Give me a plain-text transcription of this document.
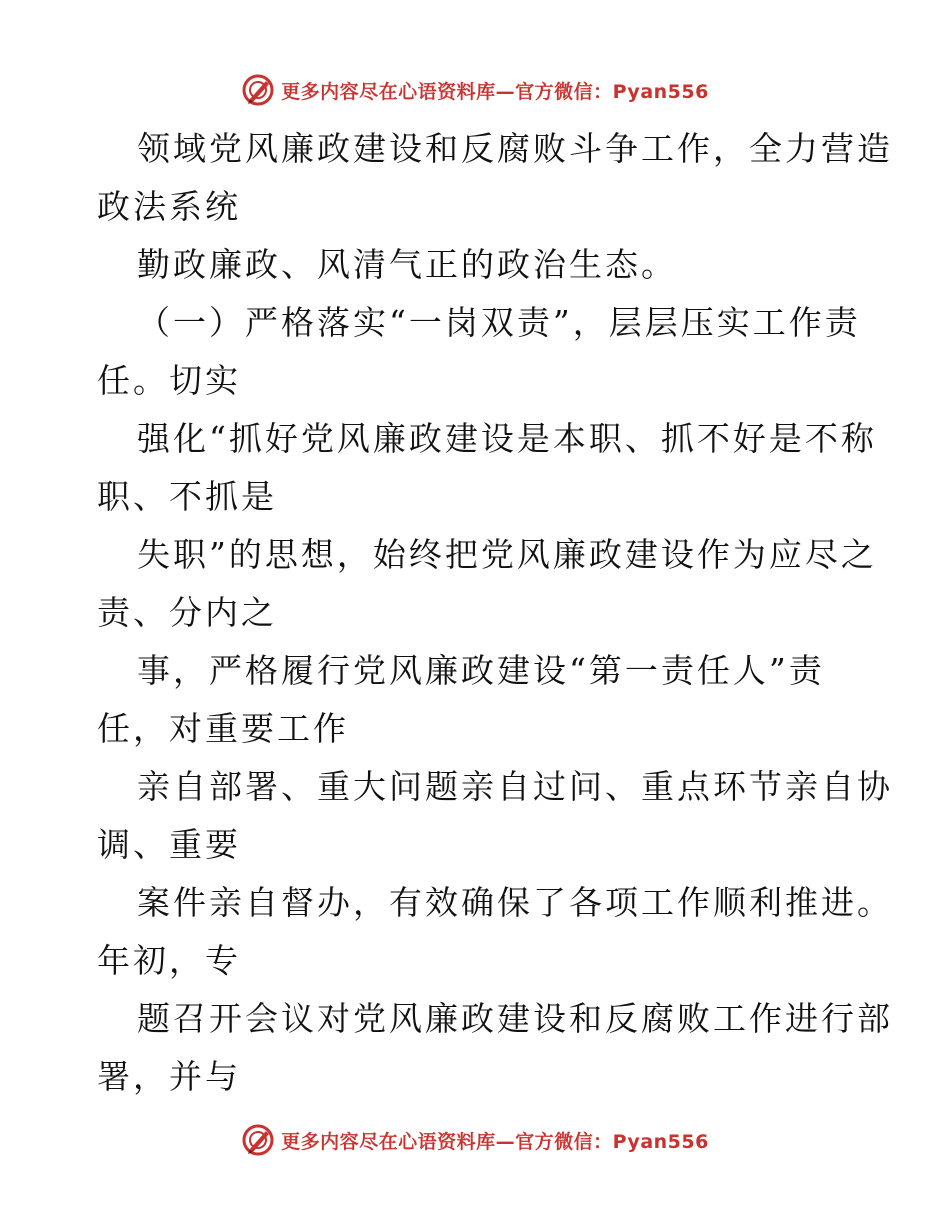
更多内容尽在心语资料库—官方微信：Pyan556
领域党风廉政建设和反腐败斗争工作，全力营造
政法系统
勤政廉政、风清气正的政治生态。
（一）严格落实“一岗双责”，层层压实工作责
任。切实
强化“抓好党风廉政建设是本职、抓不好是不称
职、不抓是
失职”的思想，始终把党风廉政建设作为应尽之
责、分内之
事，严格履行党风廉政建设“第一责任人”责
任，对重要工作
亲自部署、重大问题亲自过问、重点环节亲自协
调、重要
案件亲自督办，有效确保了各项工作顺利推进。
年初，专
题召开会议对党风廉政建设和反腐败工作进行部
署，并与
更多内容尽在心语资料库—官方微信：Pyan556
